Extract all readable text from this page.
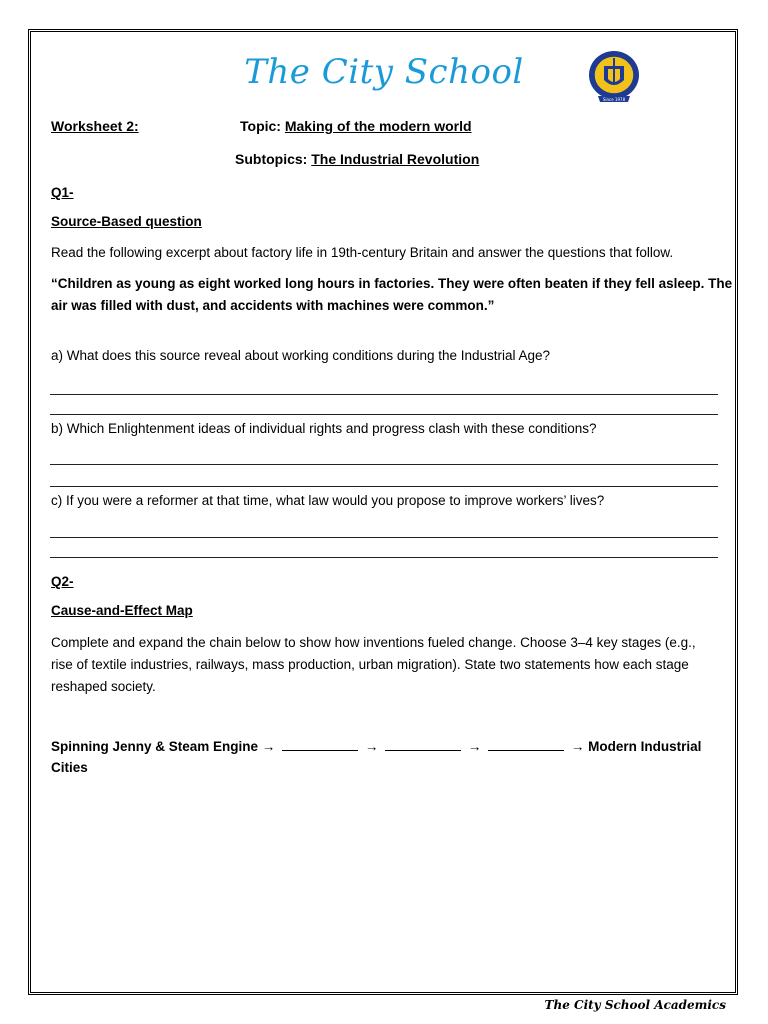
The City School
Since 1978
Worksheet 2:	Topic: Making of the modern world
Subtopics: The Industrial Revolution
Q1-
Source-Based question
Read the following excerpt about factory life in 19th-century Britain and answer the questions that follow.
“Children as young as eight worked long hours in factories. They were often beaten if they fell asleep. The
air was filled with dust, and accidents with machines were common.”
a) What does this source reveal about working conditions during the Industrial Age?
b) Which Enlightenment ideas of individual rights and progress clash with these conditions?
c) If you were a reformer at that time, what law would you propose to improve workers’ lives?
Q2-
Cause-and-Effect Map
Complete and expand the chain below to show how inventions fueled change. Choose 3–4 key stages (e.g.,
rise of textile industries, railways, mass production, urban migration). State two statements how each stage
reshaped society.
Spinning Jenny & Steam Engine →	→	→	→ Modern Industrial
Cities
The City School Academics
